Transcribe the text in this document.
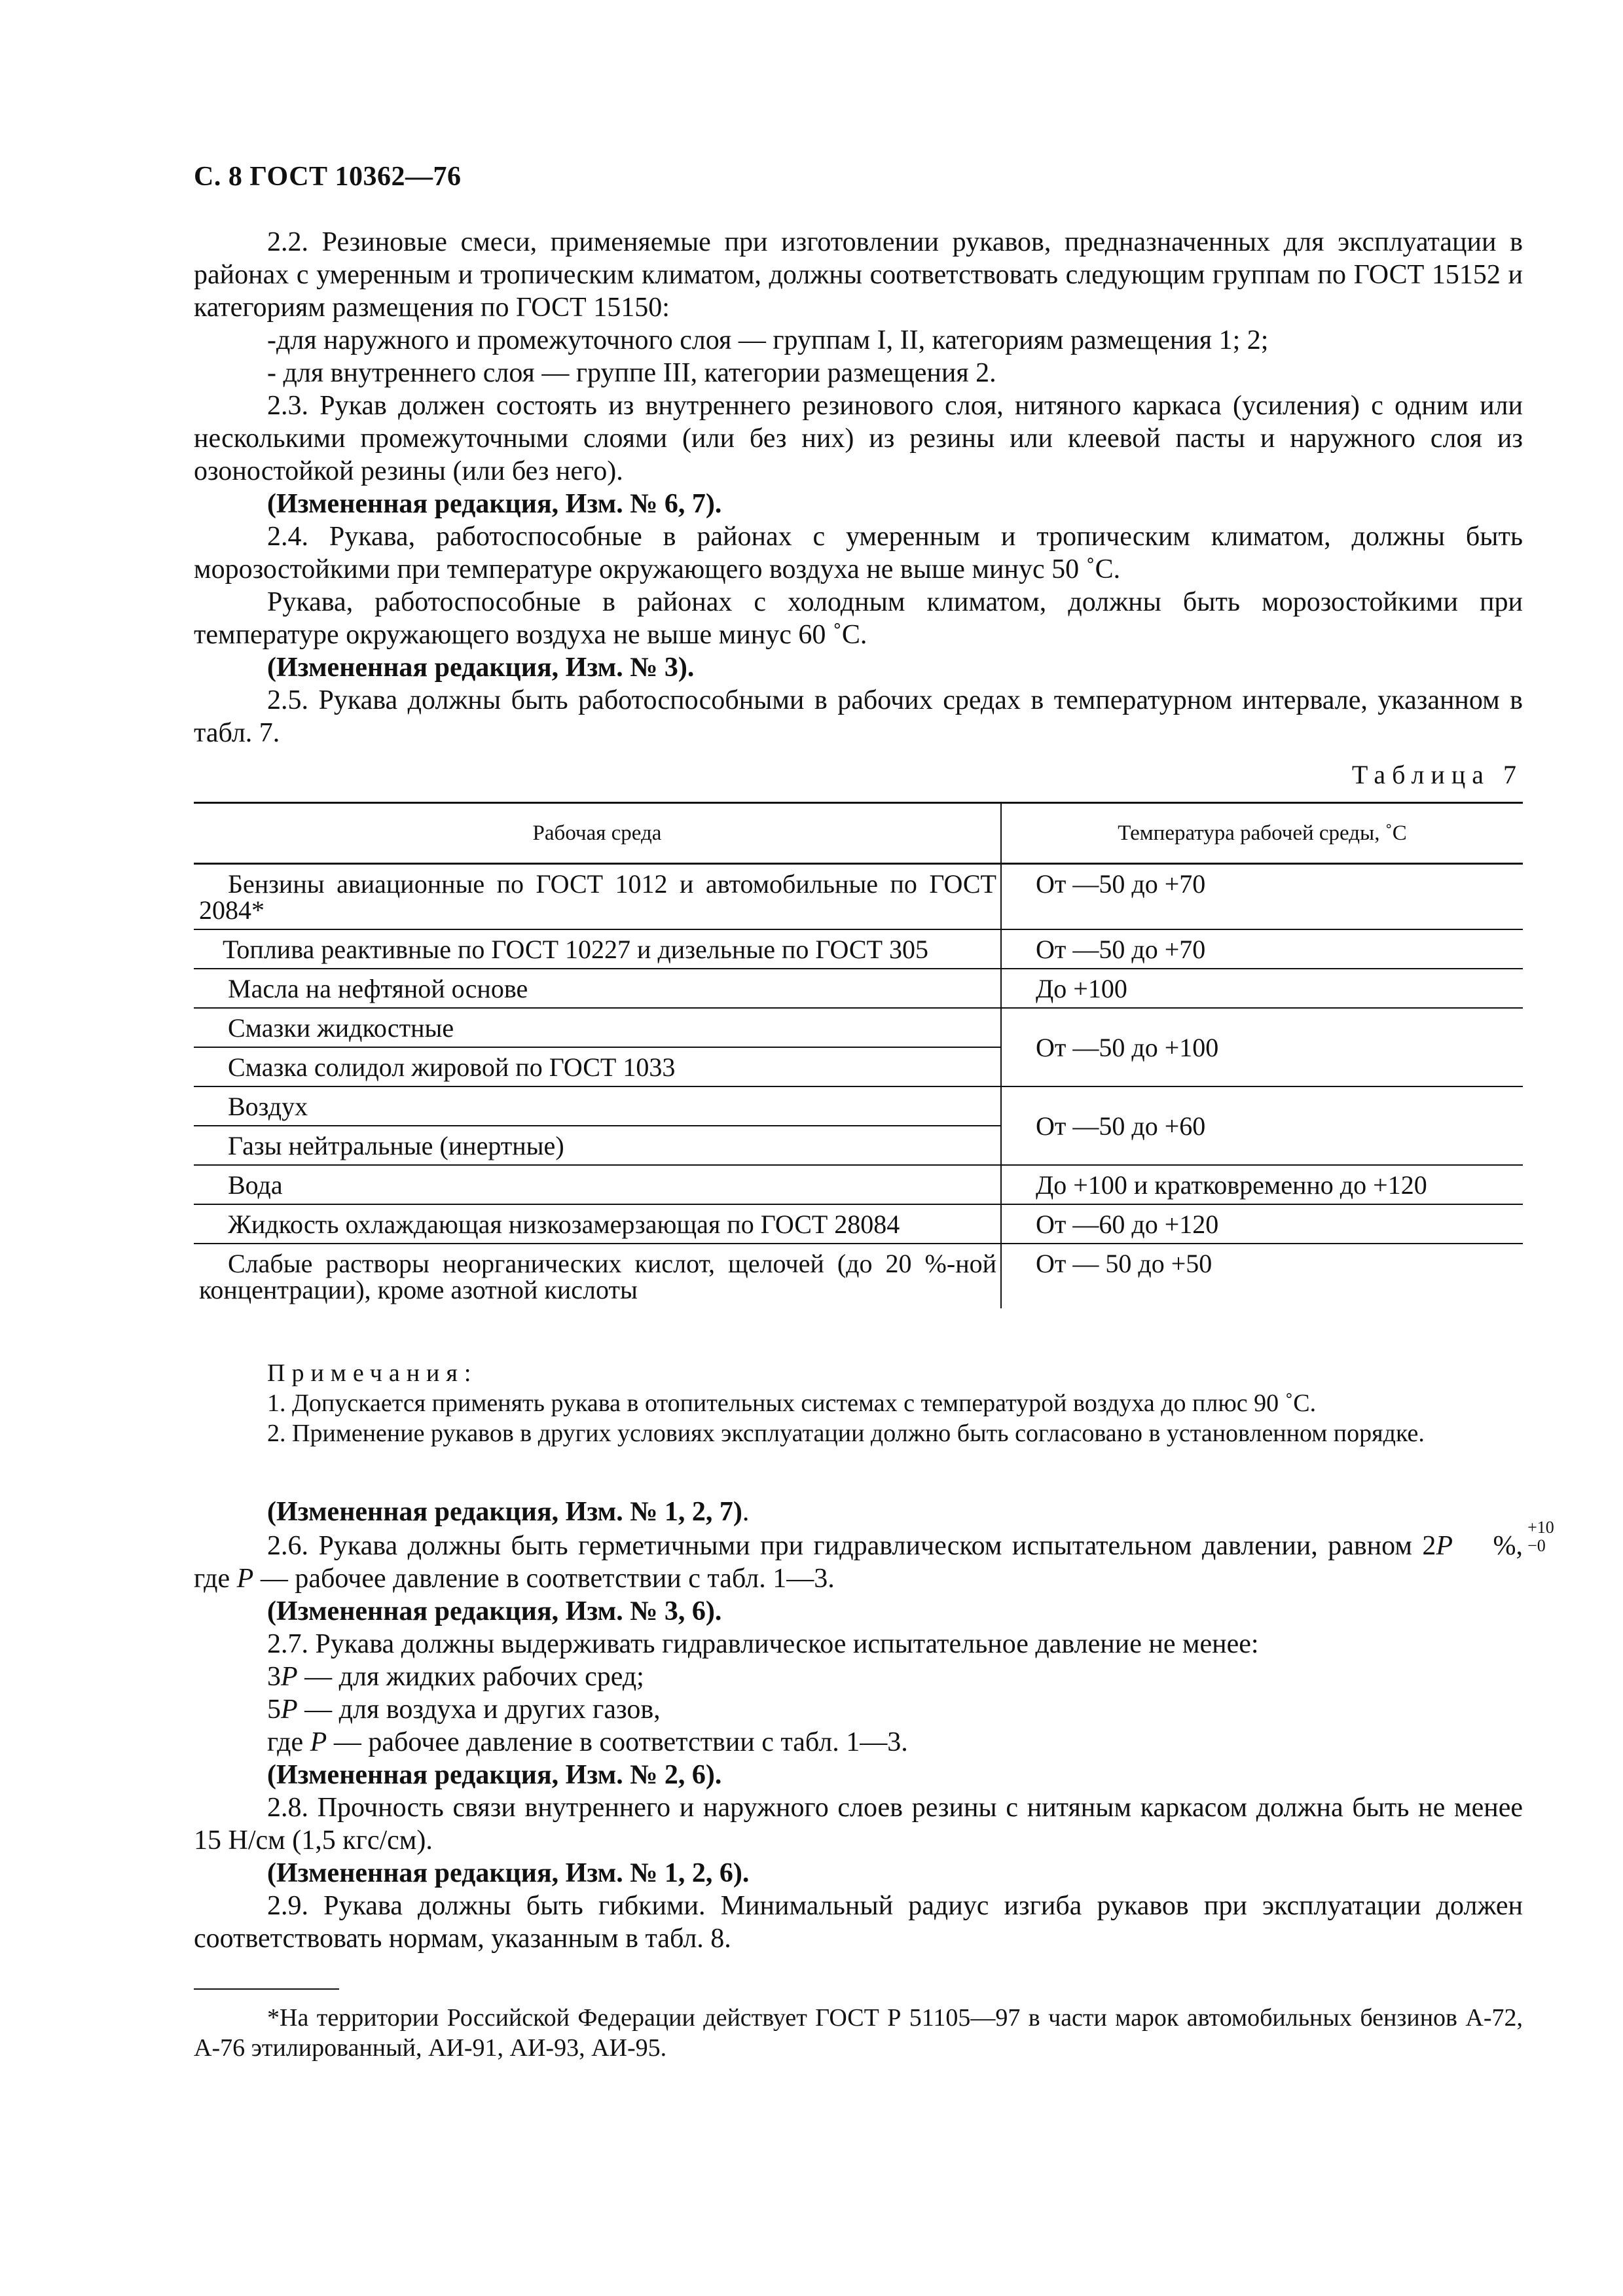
С. 8 ГОСТ 10362—76

2.2. Резиновые смеси, применяемые при изготовлении рукавов, предназначенных для эксплуатации в районах с умеренным и тропическим климатом, должны соответствовать следующим группам по ГОСТ 15152 и категориям размещения по ГОСТ 15150:

-для наружного и промежуточного слоя — группам I, II, категориям размещения 1; 2;

- для внутреннего слоя — группе III, категории размещения 2.

2.3. Рукав должен состоять из внутреннего резинового слоя, нитяного каркаса (усиления) с одним или несколькими промежуточными слоями (или без них) из резины или клеевой пасты и наружного слоя из озоностойкой резины (или без него).

(Измененная редакция, Изм. № 6, 7).

2.4. Рукава, работоспособные в районах с умеренным и тропическим климатом, должны быть морозостойкими при температуре окружающего воздуха не выше минус 50 ˚С.

Рукава, работоспособные в районах с холодным климатом, должны быть морозостойкими при температуре окружающего воздуха не выше минус 60 ˚С.

(Измененная редакция, Изм. № 3).

2.5. Рукава должны быть работоспособными в рабочих средах в температурном интервале, указанном в табл. 7.

Таблица 7
Рабочая среда	Температура рабочей среды, ˚С
Бензины авиационные по ГОСТ 1012 и автомобильные по ГОСТ 2084*	От —50 до +70
Топлива реактивные по ГОСТ 10227 и дизельные по ГОСТ 305	От —50 до +70
Масла на нефтяной основе	До +100
Смазки жидкостные	От —50 до +100
Смазка солидол жировой по ГОСТ 1033	
Воздух	От —50 до +60
Газы нейтральные (инертные)	
Вода	До +100 и кратковременно до +120
Жидкость охлаждающая низкозамерзающая по ГОСТ 28084	От —60 до +120
Слабые растворы неорганических кислот, щелочей (до 20 %-ной концентрации), кроме азотной кислоты	От — 50 до +50

Примечания:

1. Допускается применять рукава в отопительных системах с температурой воздуха до плюс 90 ˚С.

2. Применение рукавов в других условиях эксплуатации должно быть согласовано в установленном порядке.

(Измененная редакция, Изм. № 1, 2, 7).

2.6. Рукава должны быть герметичными при гидравлическом испытательном давлении, равном 2P
+10
−0
%, где P — рабочее давление в соответствии с табл. 1—3.

(Измененная редакция, Изм. № 3, 6).

2.7. Рукава должны выдерживать гидравлическое испытательное давление не менее:

3P — для жидких рабочих сред;

5P — для воздуха и других газов,

где P — рабочее давление в соответствии с табл. 1—3.

(Измененная редакция, Изм. № 2, 6).

2.8. Прочность связи внутреннего и наружного слоев резины с нитяным каркасом должна быть не менее 15 Н/см (1,5 кгс/см).

(Измененная редакция, Изм. № 1, 2, 6).

2.9. Рукава должны быть гибкими. Минимальный радиус изгиба рукавов при эксплуатации должен соответствовать нормам, указанным в табл. 8.

*На территории Российской Федерации действует ГОСТ Р 51105—97 в части марок автомобильных бензинов А-72, А-76 этилированный, АИ-91, АИ-93, АИ-95.
